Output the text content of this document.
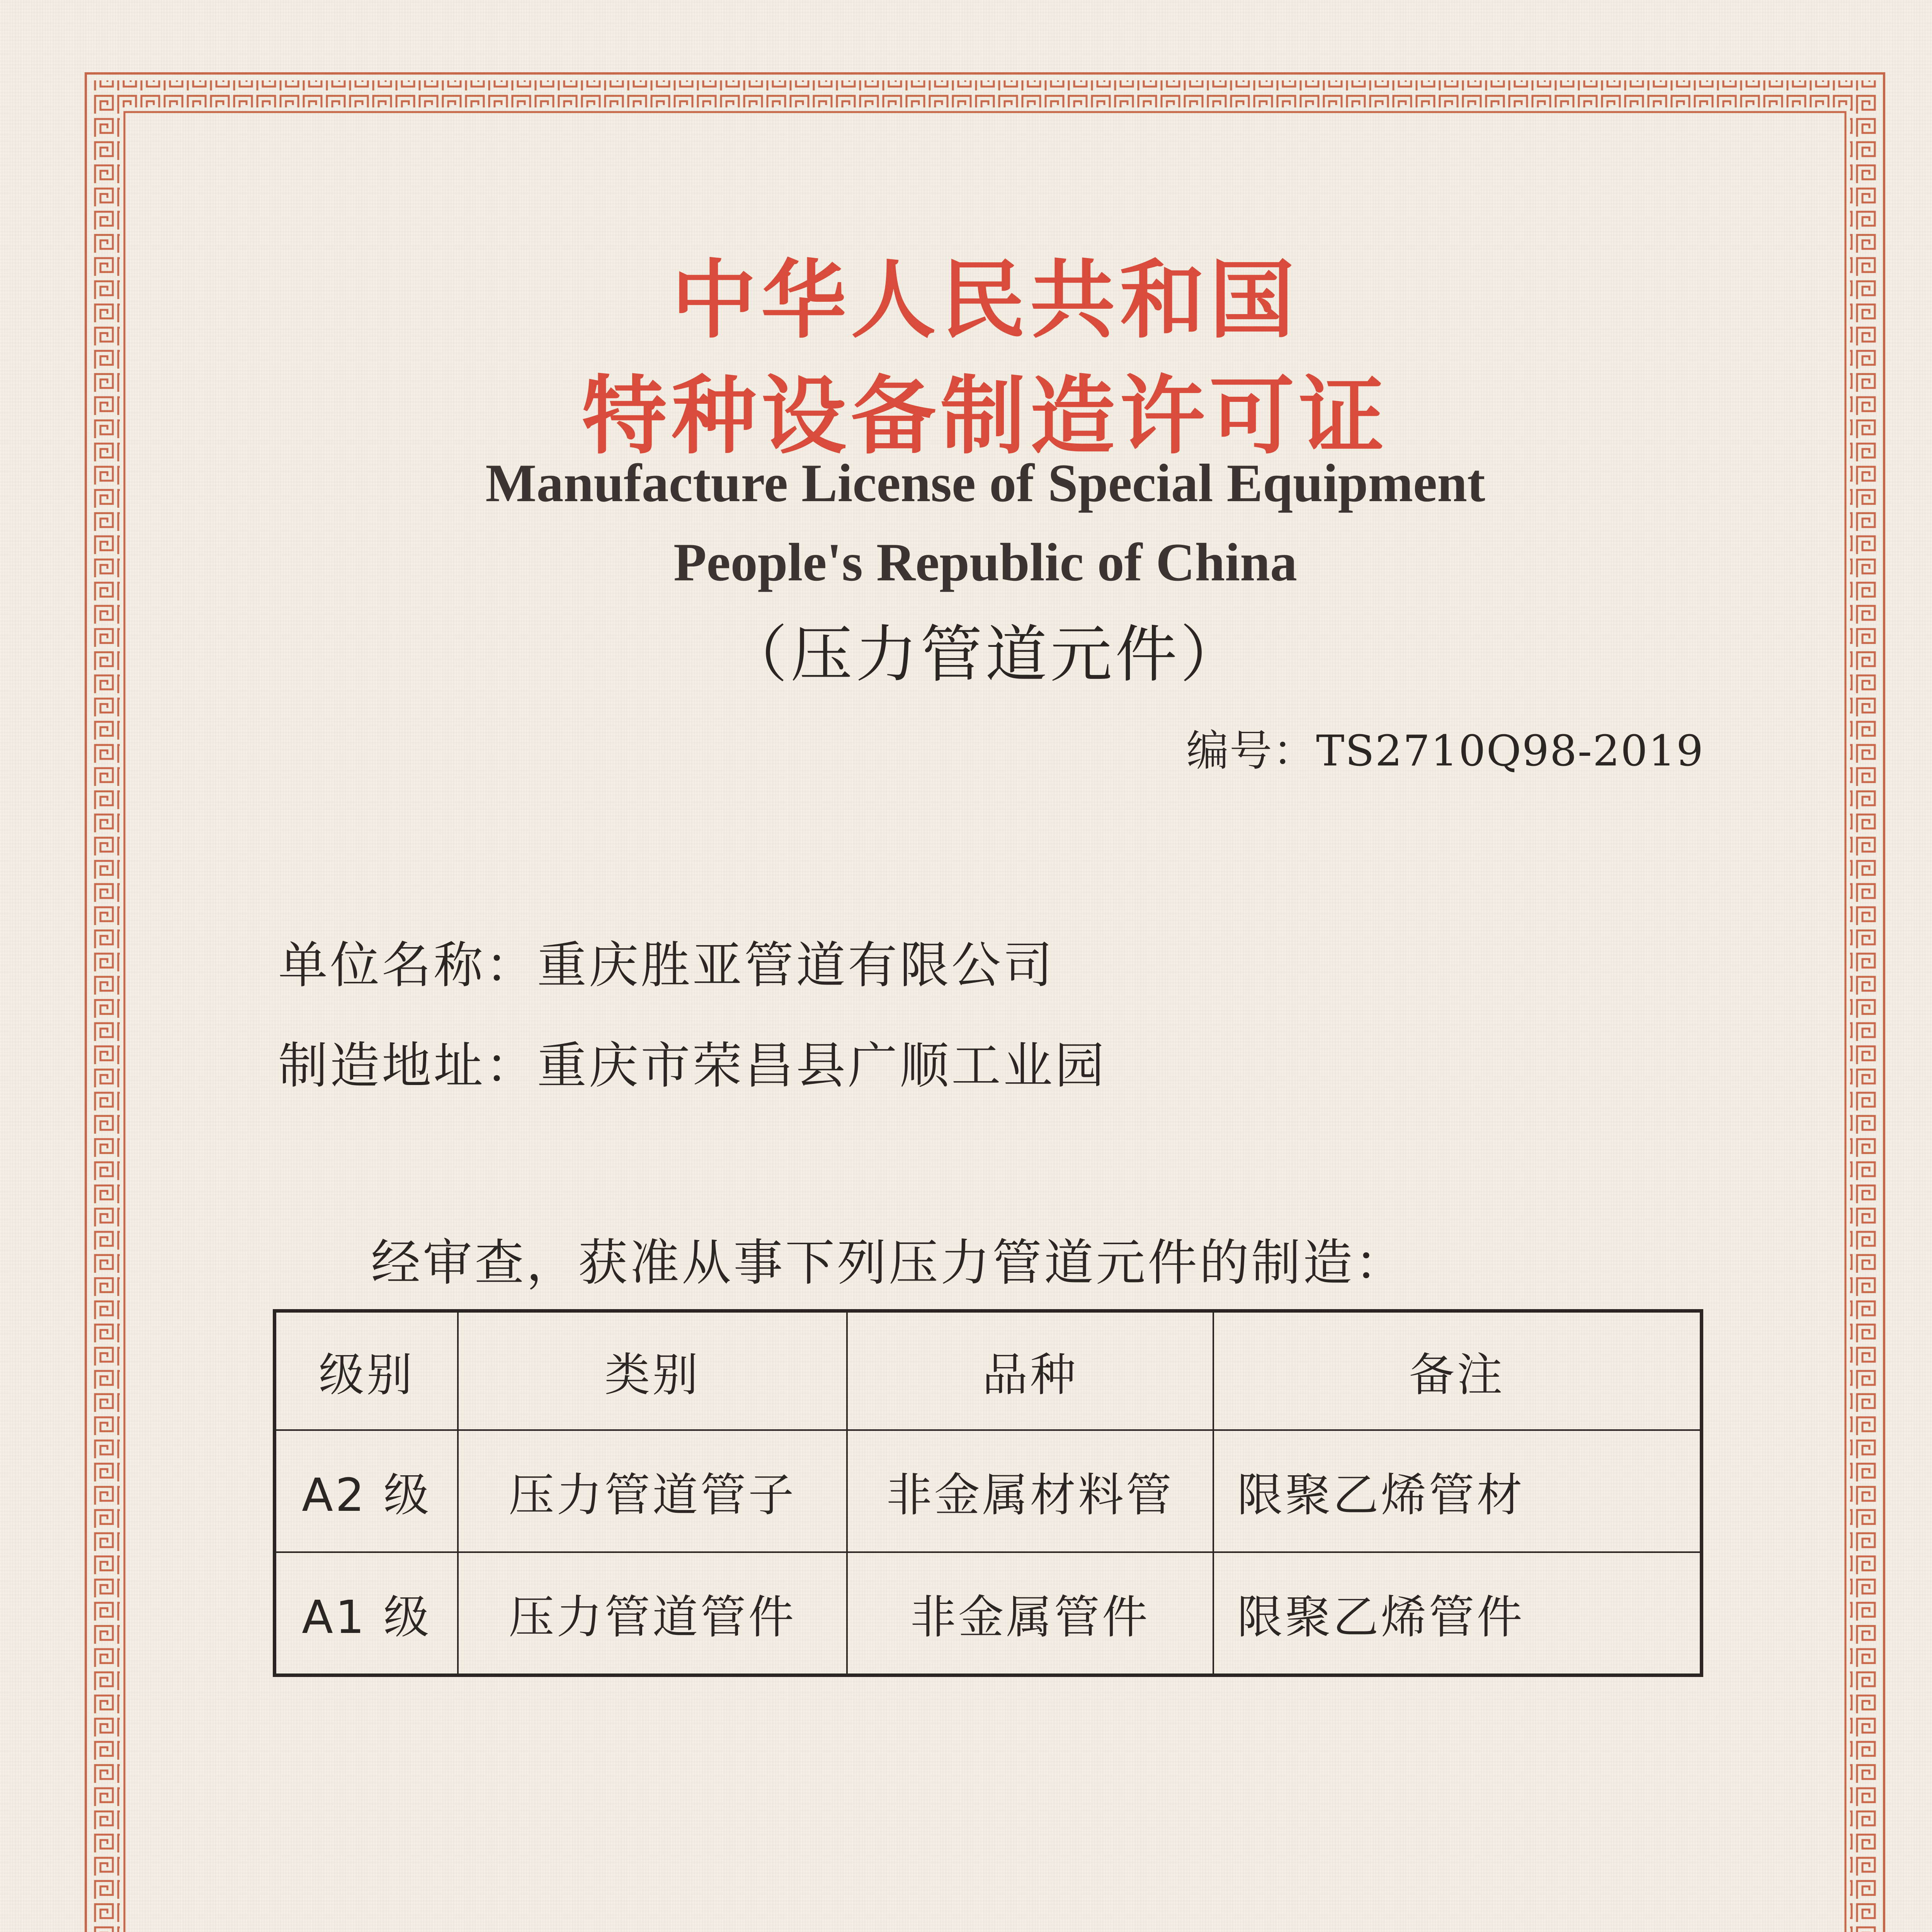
中华人民共和国
特种设备制造许可证
Manufacture License of Special Equipment
People's Republic of China
（压力管道元件）
编号：TS2710Q98-2019
单位名称：重庆胜亚管道有限公司
制造地址：重庆市荣昌县广顺工业园
经审查，获准从事下列压力管道元件的制造：
级别	类别	品种	备注
A2 级	压力管道管子	非金属材料管	限聚乙烯管材
A1 级	压力管道管件	非金属管件	限聚乙烯管件
